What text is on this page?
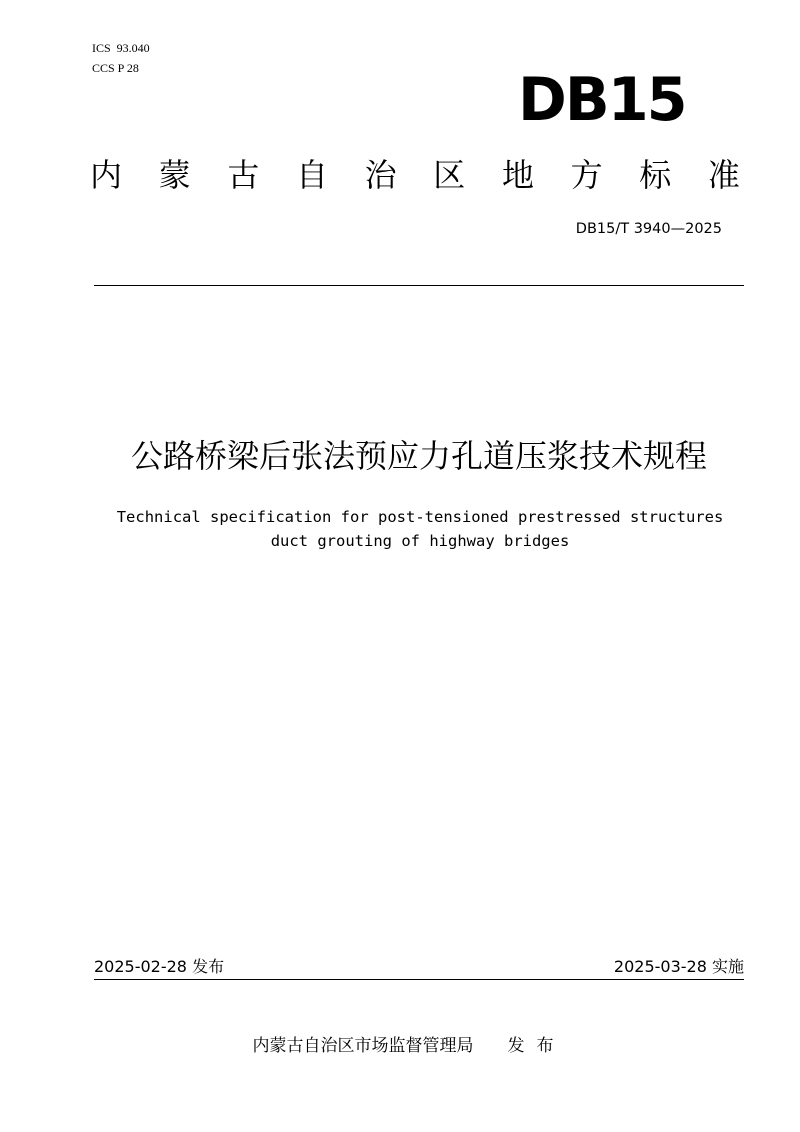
ICS  93.040
CCS P 28	DB15
内 蒙 古 自 治 区 地 方 标 准
DB15/T 3940—2025
公路桥梁后张法预应力孔道压浆技术规程
Technical specification for post-tensioned prestressed structures
duct grouting of highway bridges
2025-02-28 发布	2025-03-28 实施
内蒙古自治区市场监督管理局 发布
